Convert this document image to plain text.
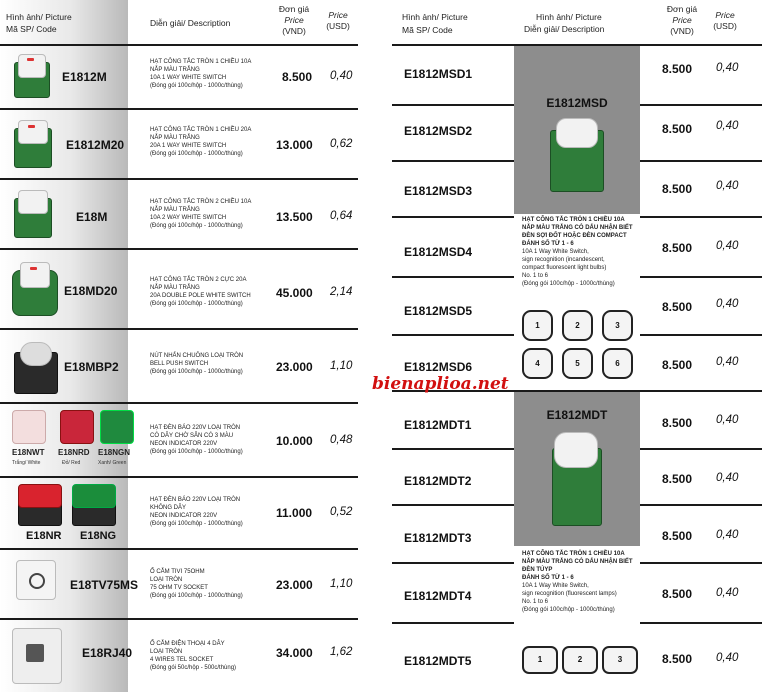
Hình ảnh/ Picture
Mã SP/ Code
Diễn giải/ Description
Đơn giá
Price
(VND)
Price
(USD)
E1812M
HẠT CÔNG TẮC TRÒN 1 CHIỀU 10A
NẮP MÀU TRẮNG
10A 1 WAY WHITE SWITCH
(Đóng gói 100c/hộp - 1000c/thùng)
8.500 0,40
E1812M20
HẠT CÔNG TẮC TRÒN 1 CHIỀU 20A
NẮP MÀU TRẮNG
20A 1 WAY WHITE SWITCH
(Đóng gói 100c/hộp - 1000c/thùng)
13.000 0,62
E18M
HẠT CÔNG TẮC TRÒN 2 CHIỀU 10A
NẮP MÀU TRẮNG
10A 2 WAY WHITE SWITCH
(Đóng gói 100c/hộp - 1000c/thùng)
13.500 0,64
E18MD20
HẠT CÔNG TẮC TRÒN 2 CỰC 20A
NẮP MÀU TRẮNG
20A DOUBLE POLE WHITE SWITCH
(Đóng gói 100c/hộp - 1000c/thùng)
45.000 2,14
E18MBP2
NÚT NHẤN CHUÔNG LOẠI TRÒN
BELL PUSH SWITCH
(Đóng gói 100c/hộp - 1000c/thùng)	23.000 1,10
E18NWT E18NRD E18NGN
Trắng/ White	Đỏ/ Red	Xanh/ Green
HẠT ĐÈN BÁO 220V LOẠI TRÒN
CÓ DÂY CHỜ SẴN CÓ 3 MÀU
NEON INDICATOR 220V
(Đóng gói 100c/hộp - 1000c/thùng)
10.000 0,48
E18NR E18NG
HẠT ĐÈN BÁO 220V LOẠI TRÒN
KHÔNG DÂY
NEON INDICATOR 220V
(Đóng gói 100c/hộp - 1000c/thùng)
11.000 0,52
E18TV75MS
Ổ CẮM TIVI 75OHM
LOẠI TRÒN
75 OHM TV SOCKET
(Đóng gói 100c/hộp - 1000c/thùng)
23.000 1,10
E18RJ40
Ổ CẮM ĐIỆN THOẠI 4 DÂY
LOẠI TRÒN
4 WIRES TEL SOCKET
(Đóng gói 50c/hộp - 500c/thùng)
34.000 1,62
Hình ảnh/ Picture
Mã SP/ Code
Hình ảnh/ Picture
Diễn giải/ Description
Đơn giá
Price
(VND)
Price
(USD)
E1812MSD
HẠT CÔNG TẮC TRÒN 1 CHIỀU 10A
NẮP MÀU TRẮNG CÓ DẤU NHẬN BIẾT
ĐÈN SỢI ĐỐT HOẶC ĐÈN COMPACT
ĐÁNH SỐ TỪ 1 - 6
10A 1 Way White Switch,
sign recognition (incandescent,
compact fluorescent light bulbs)
No. 1 to 6
(Đóng gói 100c/hộp - 1000c/thùng)
1	2	3
4	5	6
E1812MDT
HẠT CÔNG TẮC TRÒN 1 CHIỀU 10A
NẮP MÀU TRẮNG CÓ DẤU NHẬN BIẾT
ĐÈN TÚYP
ĐÁNH SỐ TỪ 1 - 6
10A 1 Way White Switch,
sign recognition (fluorescent lamps)
No. 1 to 6
(Đóng gói 100c/hộp - 1000c/thùng)
1	2	3
E1812MSD1	8.500 0,40
E1812MSD2	8.500 0,40
E1812MSD3	8.500 0,40
E1812MSD4	8.500 0,40
E1812MSD5	8.500 0,40
E1812MSD6	8.500 0,40
E1812MDT1	8.500 0,40
E1812MDT2	8.500 0,40
E1812MDT3	8.500 0,40
E1812MDT4	8.500 0,40
E1812MDT5	8.500 0,40
bienaplioa.net
